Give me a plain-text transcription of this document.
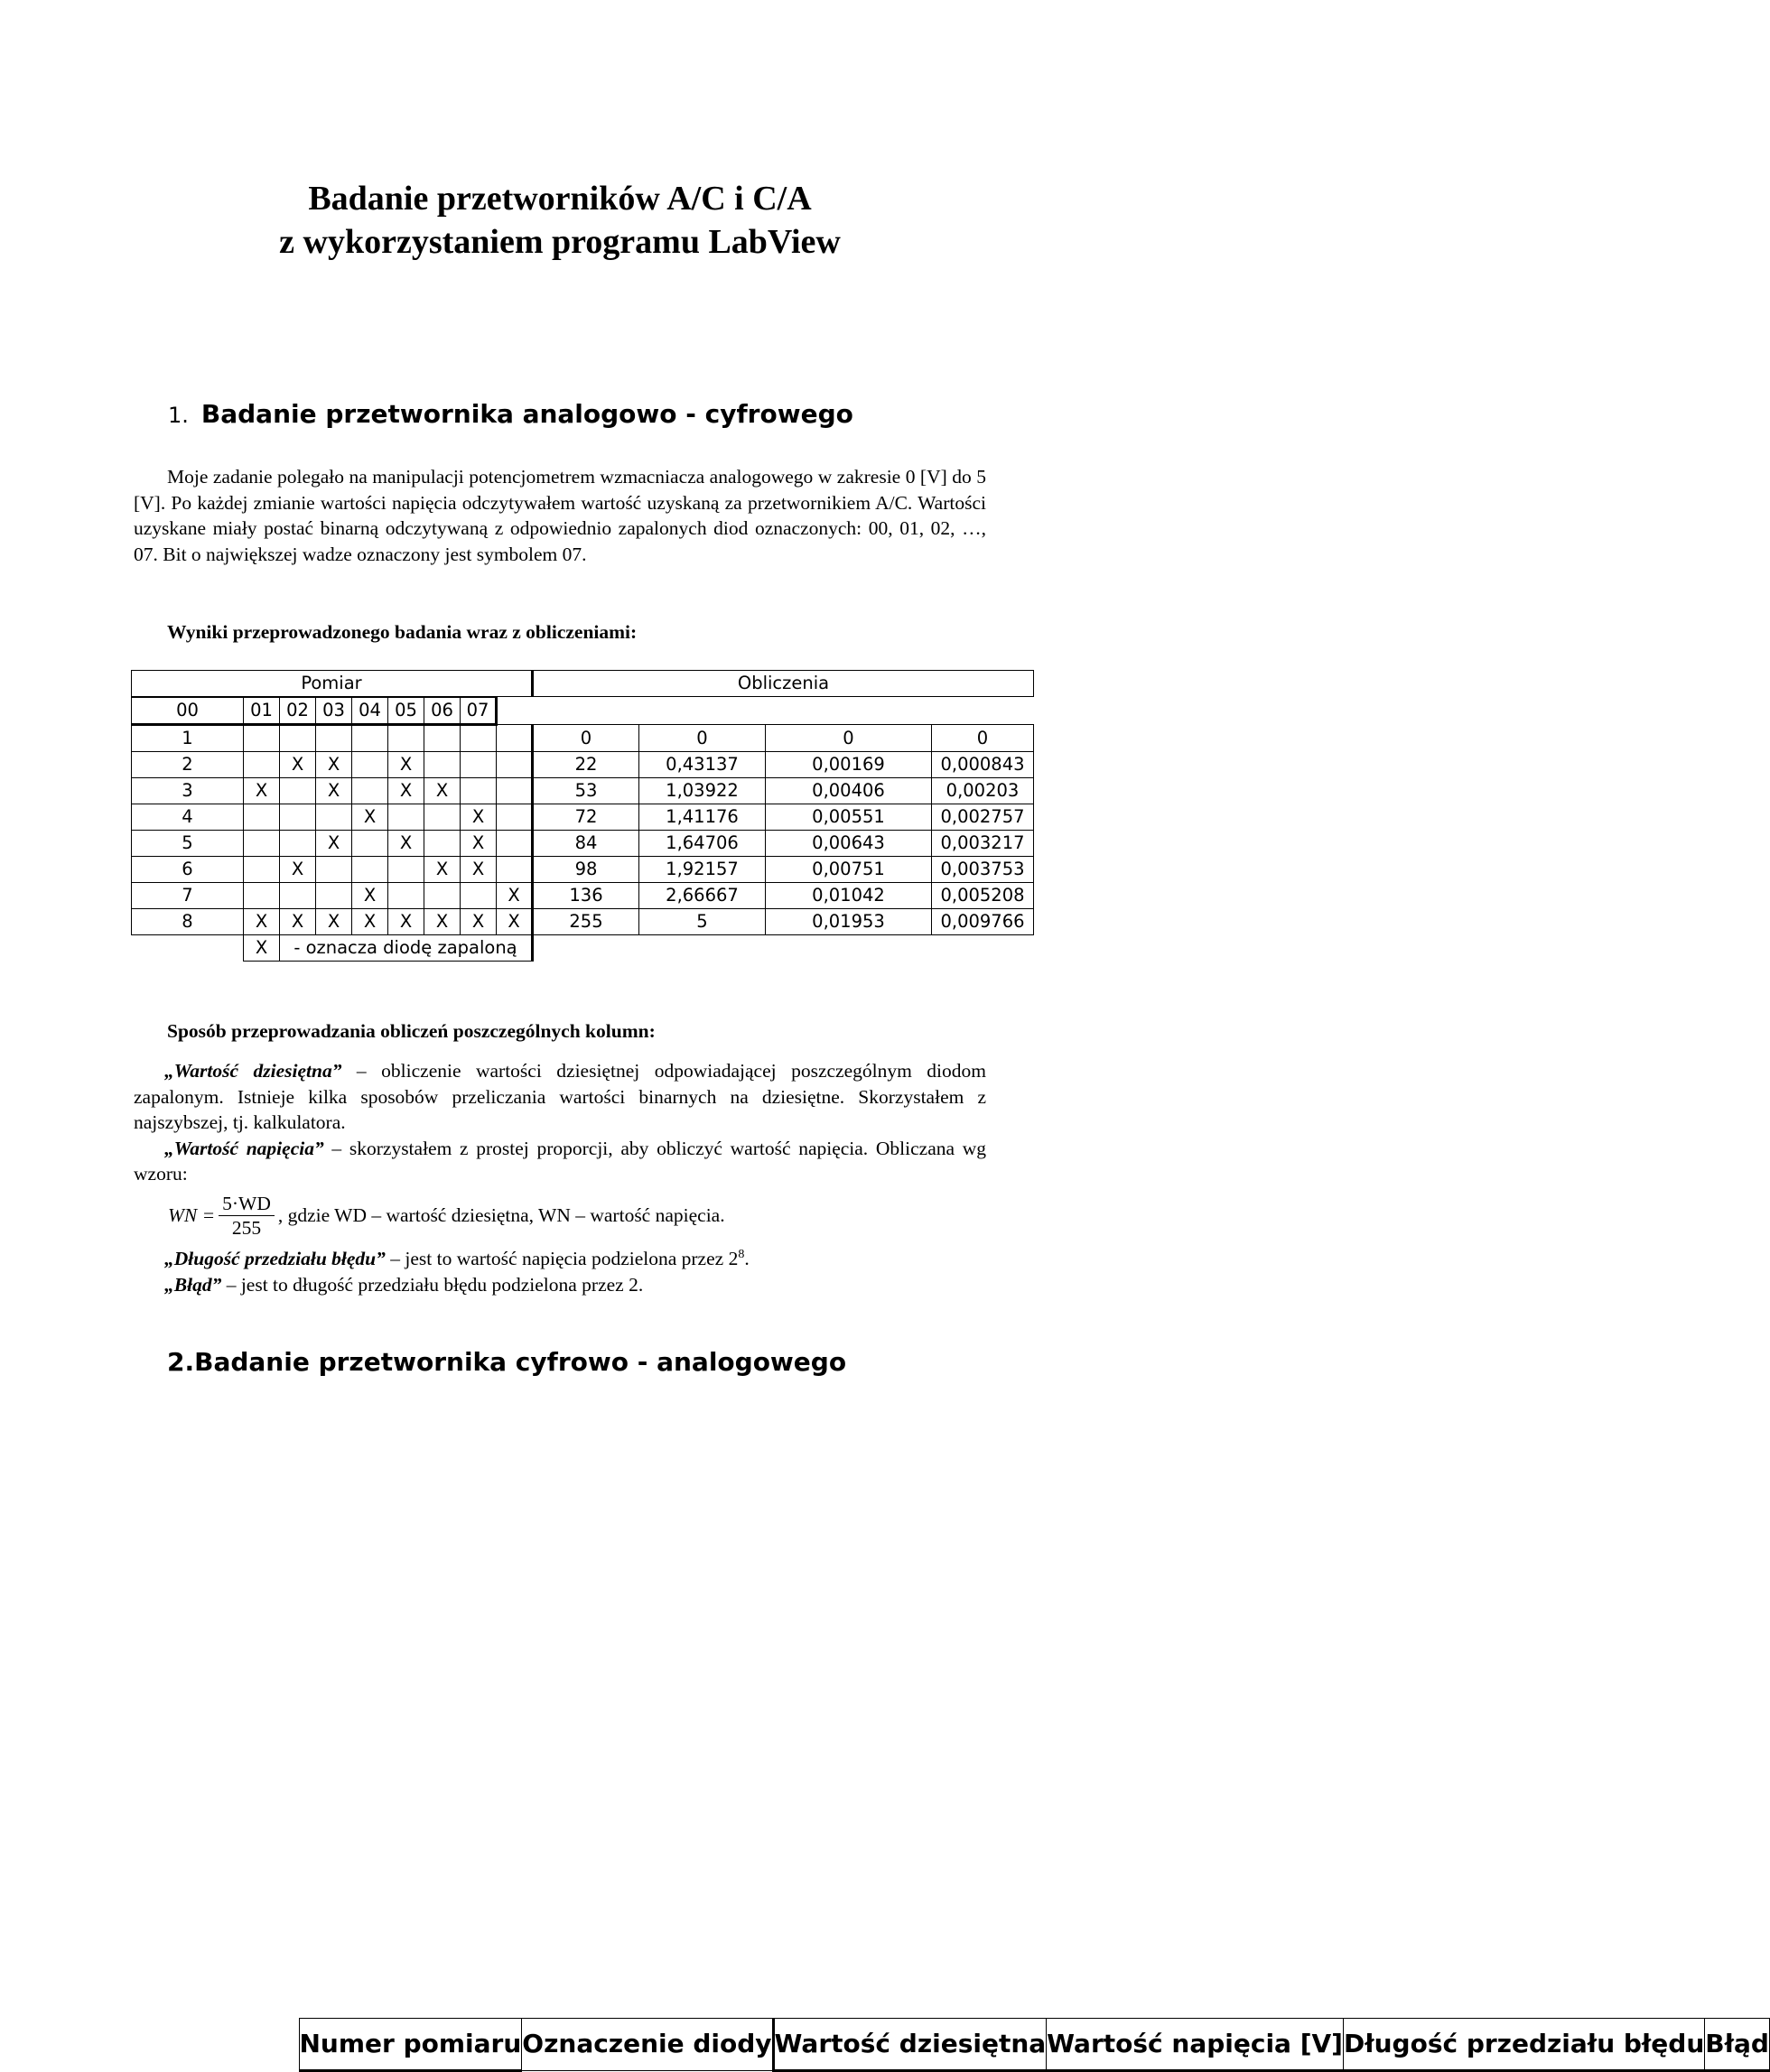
Badanie przetworników A/C i C/A
z wykorzystaniem programu LabView
1. Badanie przetwornika analogowo - cyfrowego

Moje zadanie polegało na manipulacji potencjometrem wzmacniacza analogowego w zakresie 0 [V] do 5 [V]. Po każdej zmianie wartości napięcia odczytywałem wartość uzyskaną za przetwornikiem A/C. Wartości uzyskane miały postać binarną odczytywaną z odpowiednio zapalonych diod oznaczonych: 00, 01, 02, …, 07. Bit o największej wadze oznaczony jest symbolem 07.

Wyniki przeprowadzonego badania wraz z obliczeniami:
Pomiar	Obliczenia

Numer pomiaru	Oznaczenie diody	Wartość dziesiętna	Wartość napięcia [V]	Długość przedziału błędu	Błąd
00	01	02	03	04	05	06	07
1									0	0	0	0
2		X	X		X				22	0,43137	0,00169	0,000843
3	X		X		X	X			53	1,03922	0,00406	0,00203
4				X			X		72	1,41176	0,00551	0,002757
5			X		X		X		84	1,64706	0,00643	0,003217
6		X				X	X		98	1,92157	0,00751	0,003753
7				X				X	136	2,66667	0,01042	0,005208
8	X	X	X	X	X	X	X	X	255	5	0,01953	0,009766
	X	- oznacza diodę zapaloną				
Sposób przeprowadzania obliczeń poszczególnych kolumn:

„Wartość dziesiętna” – obliczenie wartości dziesiętnej odpowiadającej poszczególnym diodom zapalonym. Istnieje kilka sposobów przeliczania wartości binarnych na dziesiętne. Skorzystałem z najszybszej, tj. kalkulatora.

„Wartość napięcia” – skorzystałem z prostej proporcji, aby obliczyć wartość napięcia. Obliczana wg wzoru:

WN = $\frac{5\cdot WD}{255}$ , gdzie WD – wartość dziesiętna, WN – wartość napięcia.

„Długość przedziału błędu” – jest to wartość napięcia podzielona przez $2^8$.

„Błąd” – jest to długość przedziału błędu podzielona przez 2.

2.Badanie przetwornika cyfrowo - analogowego
